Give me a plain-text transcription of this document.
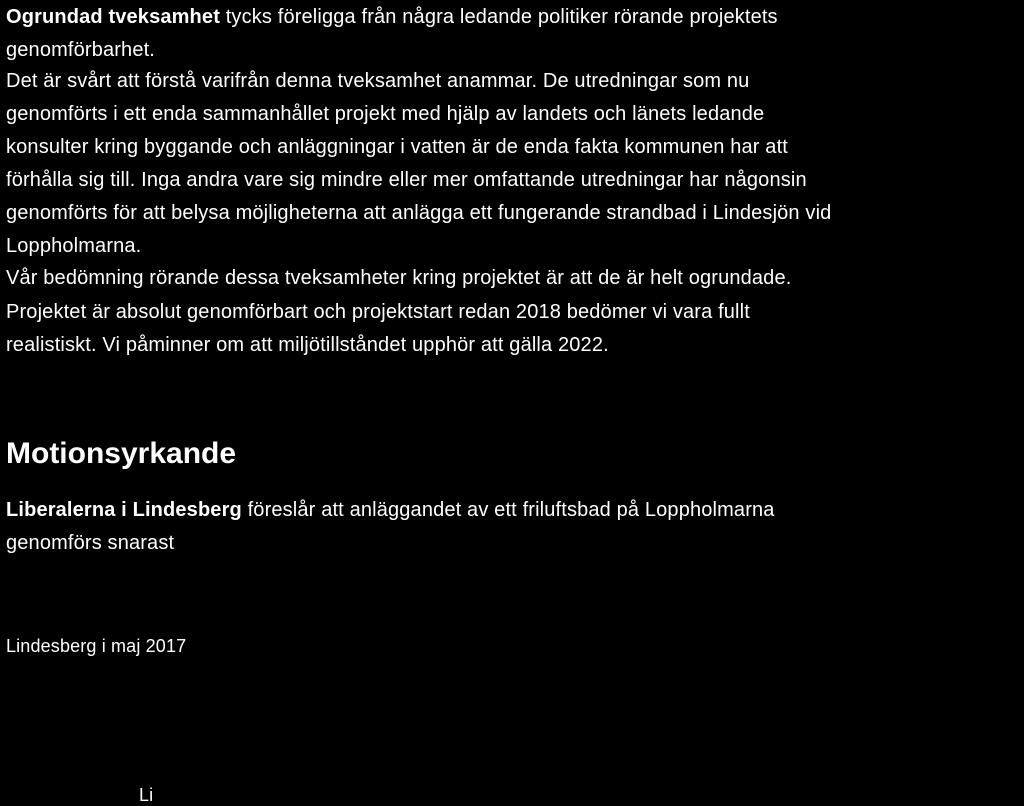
Ogrundad tveksamhet tycks föreligga från några ledande politiker rörande projektets
genomförbarhet.
Det är svårt att förstå varifrån denna tveksamhet anammar. De utredningar som nu
genomförts i ett enda sammanhållet projekt med hjälp av landets och länets ledande
konsulter kring byggande och anläggningar i vatten är de enda fakta kommunen har att
förhålla sig till. Inga andra vare sig mindre eller mer omfattande utredningar har någonsin
genomförts för att belysa möjligheterna att anlägga ett fungerande strandbad i Lindesjön vid
Loppholmarna.
Vår bedömning rörande dessa tveksamheter kring projektet är att de är helt ogrundade.
Projektet är absolut genomförbart och projektstart redan 2018 bedömer vi vara fullt
realistiskt. Vi påminner om att miljötillståndet upphör att gälla 2022.
Motionsyrkande
Liberalerna i Lindesberg föreslår att anläggandet av ett friluftsbad på Loppholmarna
genomförs snarast
Lindesberg i maj 2017
Li
